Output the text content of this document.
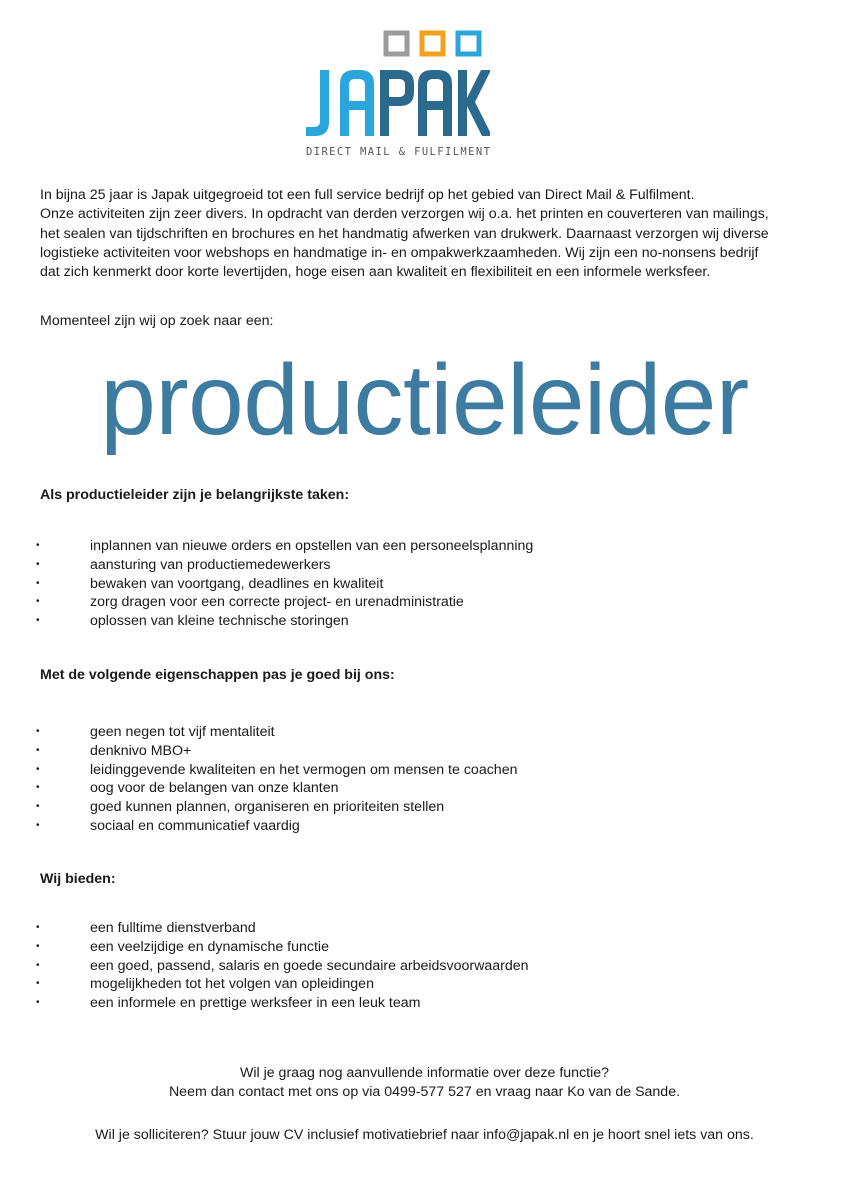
DIRECT MAIL & FULFILMENT
In bijna 25 jaar is Japak uitgegroeid tot een full service bedrijf op het gebied van Direct Mail & Fulfilment.
Onze activiteiten zijn zeer divers. In opdracht van derden verzorgen wij o.a. het printen en couverteren van mailings,
het sealen van tijdschriften en brochures en het handmatig afwerken van drukwerk. Daarnaast verzorgen wij diverse
logistieke activiteiten voor webshops en handmatige in- en ompakwerkzaamheden. Wij zijn een no-nonsens bedrijf
dat zich kenmerkt door korte levertijden, hoge eisen aan kwaliteit en flexibiliteit en een informele werksfeer.

Momenteel zijn wij op zoek naar een:

productieleider

Als productieleider zijn je belangrijkste taken:

•	inplannen van nieuwe orders en opstellen van een personeelsplanning
•	aansturing van productiemedewerkers
•	bewaken van voortgang, deadlines en kwaliteit
•	zorg dragen voor een correcte project- en urenadministratie
•	oplossen van kleine technische storingen

Met de volgende eigenschappen pas je goed bij ons:

•	geen negen tot vijf mentaliteit
•	denknivo MBO+
•	leidinggevende kwaliteiten en het vermogen om mensen te coachen
•	oog voor de belangen van onze klanten
•	goed kunnen plannen, organiseren en prioriteiten stellen
•	sociaal en communicatief vaardig

Wij bieden:

•	een fulltime dienstverband
•	een veelzijdige en dynamische functie
•	een goed, passend, salaris en goede secundaire arbeidsvoorwaarden
•	mogelijkheden tot het volgen van opleidingen
•	een informele en prettige werksfeer in een leuk team

Wil je graag nog aanvullende informatie over deze functie?

Neem dan contact met ons op via 0499-577 527 en vraag naar Ko van de Sande.

Wil je solliciteren? Stuur jouw CV inclusief motivatiebrief naar info@japak.nl en je hoort snel iets van ons.
